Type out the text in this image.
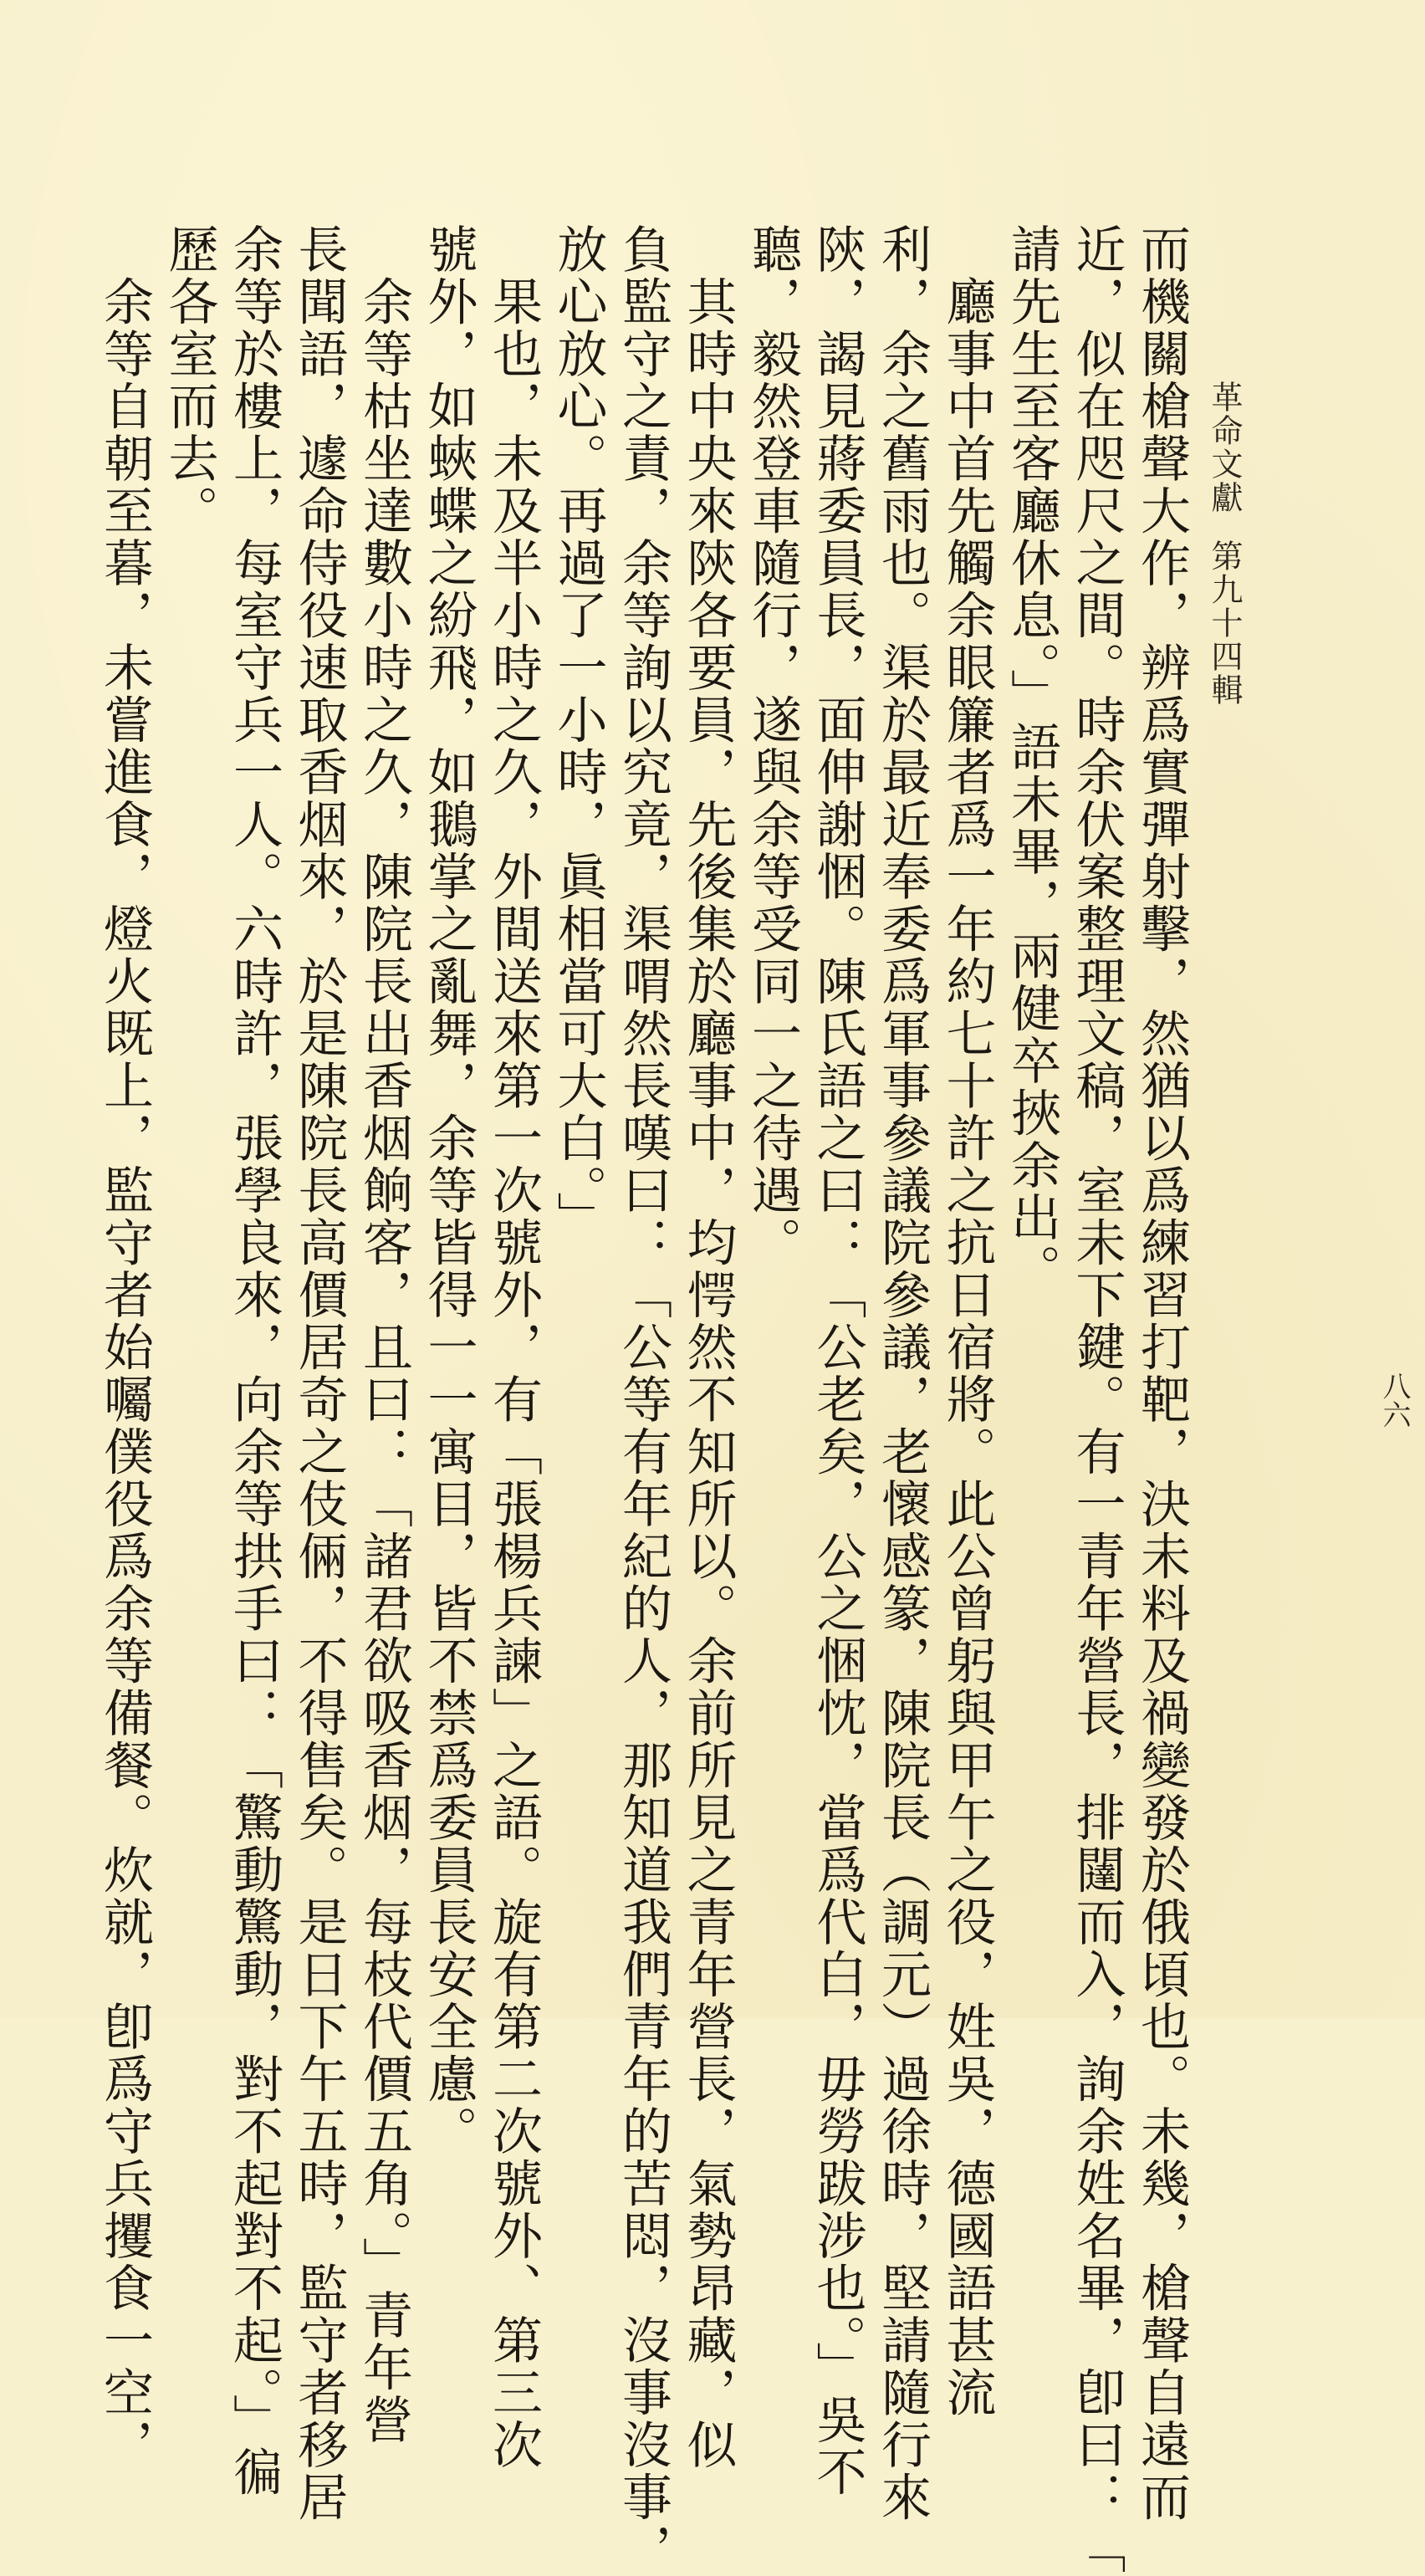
革命文獻第九十四輯
八六
而機關槍聲大作，辨爲實彈射擊，然猶以爲練習打靶，決未料及禍變發於俄頃也。未幾，槍聲自遠而
近，似在咫尺之間。時余伏案整理文稿，室未下鍵。有一青年營長，排闥而入，詢余姓名畢，卽曰：「
請先生至客廳休息。」語未畢，兩健卒挾余出。
　廳事中首先觸余眼簾者爲一年約七十許之抗日宿將。此公曾躬與甲午之役，姓吳，德國語甚流
利，余之舊雨也。渠於最近奉委爲軍事參議院參議，老懷感篆，陳院長（調元）過徐時，堅請隨行來
陝，謁見蔣委員長，面伸謝悃。陳氏語之曰：「公老矣，公之悃忱，當爲代白，毋勞跋涉也。」吳不
聽，毅然登車隨行，遂與余等受同一之待遇。
　其時中央來陝各要員，先後集於廳事中，均愕然不知所以。余前所見之青年營長，氣勢昂藏，似
負監守之責，余等詢以究竟，渠喟然長嘆曰：「公等有年紀的人，那知道我們青年的苦悶，沒事沒事，
放心放心。再過了一小時，眞相當可大白。」
　果也，未及半小時之久，外間送來第一次號外，有「張楊兵諫」之語。旋有第二次號外、第三次
號外，如蛺蝶之紛飛，如鵝掌之亂舞，余等皆得一一寓目，皆不禁爲委員長安全慮。
　余等枯坐達數小時之久，陳院長出香烟餉客，且曰：「諸君欲吸香烟，每枝代價五角。」青年營
長聞語，遽命侍役速取香烟來，於是陳院長高價居奇之伎倆，不得售矣。是日下午五時，監守者移居
余等於樓上，每室守兵一人。六時許，張學良來，向余等拱手曰：「驚動驚動，對不起對不起。」徧
歷各室而去。
　余等自朝至暮，未嘗進食，燈火既上，監守者始囑僕役爲余等備餐。炊就，卽爲守兵攫食一空，
